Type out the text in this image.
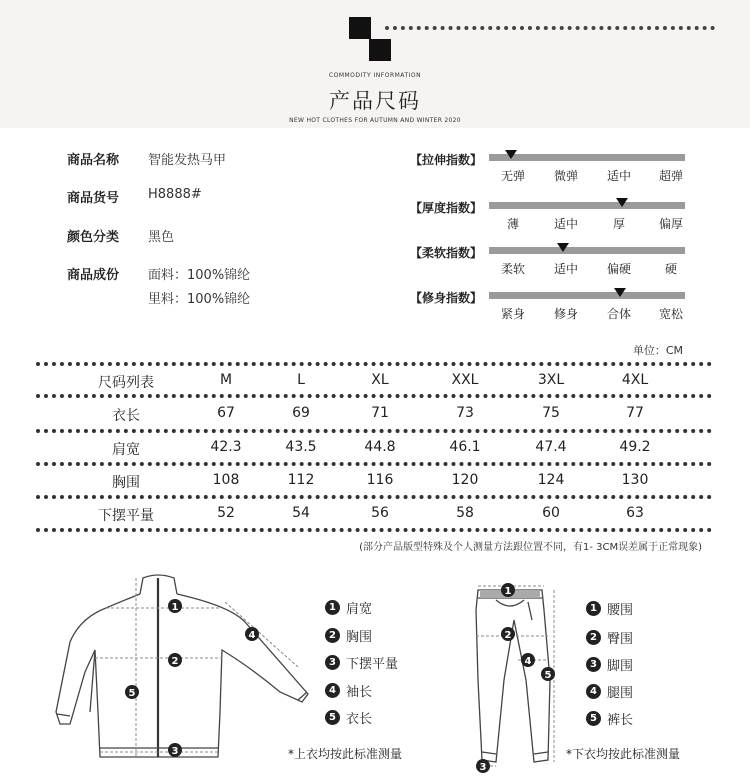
COMMODITY INFORMATION
产品尺码
NEW HOT CLOTHES FOR AUTUMN AND WINTER 2020
商品名称 智能发热马甲
商品货号 H8888#
颜色分类 黑色
商品成份 面料：100%锦纶
里料：100%锦纶
【拉伸指数】
无弹	微弹	适中	超弹
【厚度指数】
薄	适中	厚	偏厚
【柔软指数】
柔软	适中	偏硬	硬
【修身指数】
紧身	修身	合体	宽松
单位：CM
尺码列表	M	L	XL	XXL	3XL	4XL
衣长	67	69	71	73	75	77
肩宽	42.3	43.5	44.8	46.1	47.4	49.2
胸围	108	112	116	120	124	130
下摆平量	52	54	56	58	60	63
(部分产品版型特殊及个人测量方法跟位置不同，有1- 3CM误差属于正常现象)
1
2
3
4
5
1 肩宽
2 胸围
3 下摆平量
4 袖长
5 衣长
*上衣均按此标准测量
1
2
3
4
5
1 腰围
2 臀围
3 脚围
4 腿围
5 裤长
*下衣均按此标准测量
